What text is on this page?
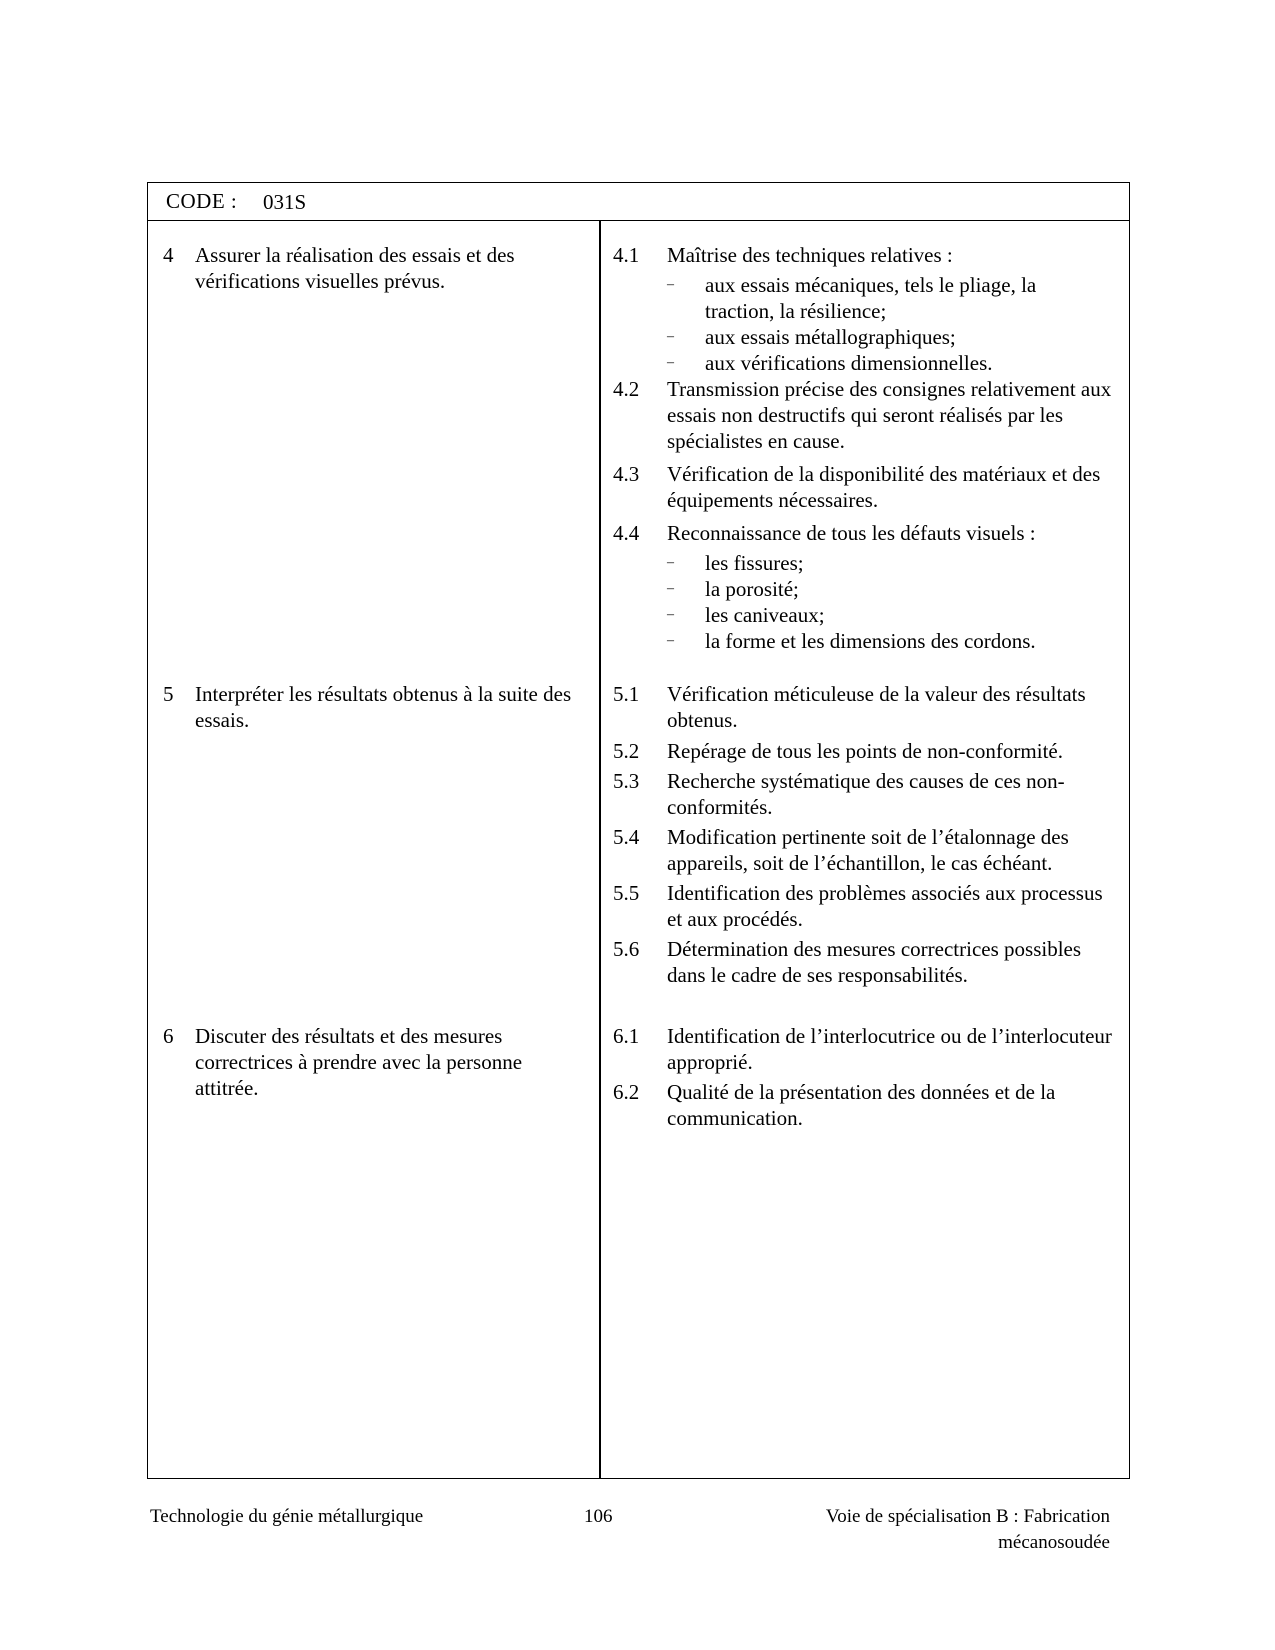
CODE : 031S
4 Assurer la réalisation des essais et des vérifications visuelles prévus.
5 Interpréter les résultats obtenus à la suite des essais.
6 Discuter des résultats et des mesures correctrices à prendre avec la personne attitrée.
4.1 Maîtrise des techniques relatives :
– aux essais mécaniques, tels le pliage, la
traction, la résilience;
– aux essais métallographiques;
– aux vérifications dimensionnelles.
4.2 Transmission précise des consignes relativement aux essais non destructifs qui seront réalisés par les spécialistes en cause.
4.3 Vérification de la disponibilité des matériaux et des équipements nécessaires.
4.4 Reconnaissance de tous les défauts visuels :
– les fissures;
– la porosité;
– les caniveaux;
– la forme et les dimensions des cordons.
5.1 Vérification méticuleuse de la valeur des résultats obtenus.
5.2 Repérage de tous les points de non-conformité.
5.3 Recherche systématique des causes de ces non-conformités.
5.4 Modification pertinente soit de l’étalonnage des appareils, soit de l’échantillon, le cas échéant.
5.5 Identification des problèmes associés aux processus et aux procédés.
5.6 Détermination des mesures correctrices possibles dans le cadre de ses responsabilités.
6.1 Identification de l’interlocutrice ou de l’interlocuteur approprié.
6.2 Qualité de la présentation des données et de la communication.
Technologie du génie métallurgique	106	Voie de spécialisation B : Fabrication
mécanosoudée
